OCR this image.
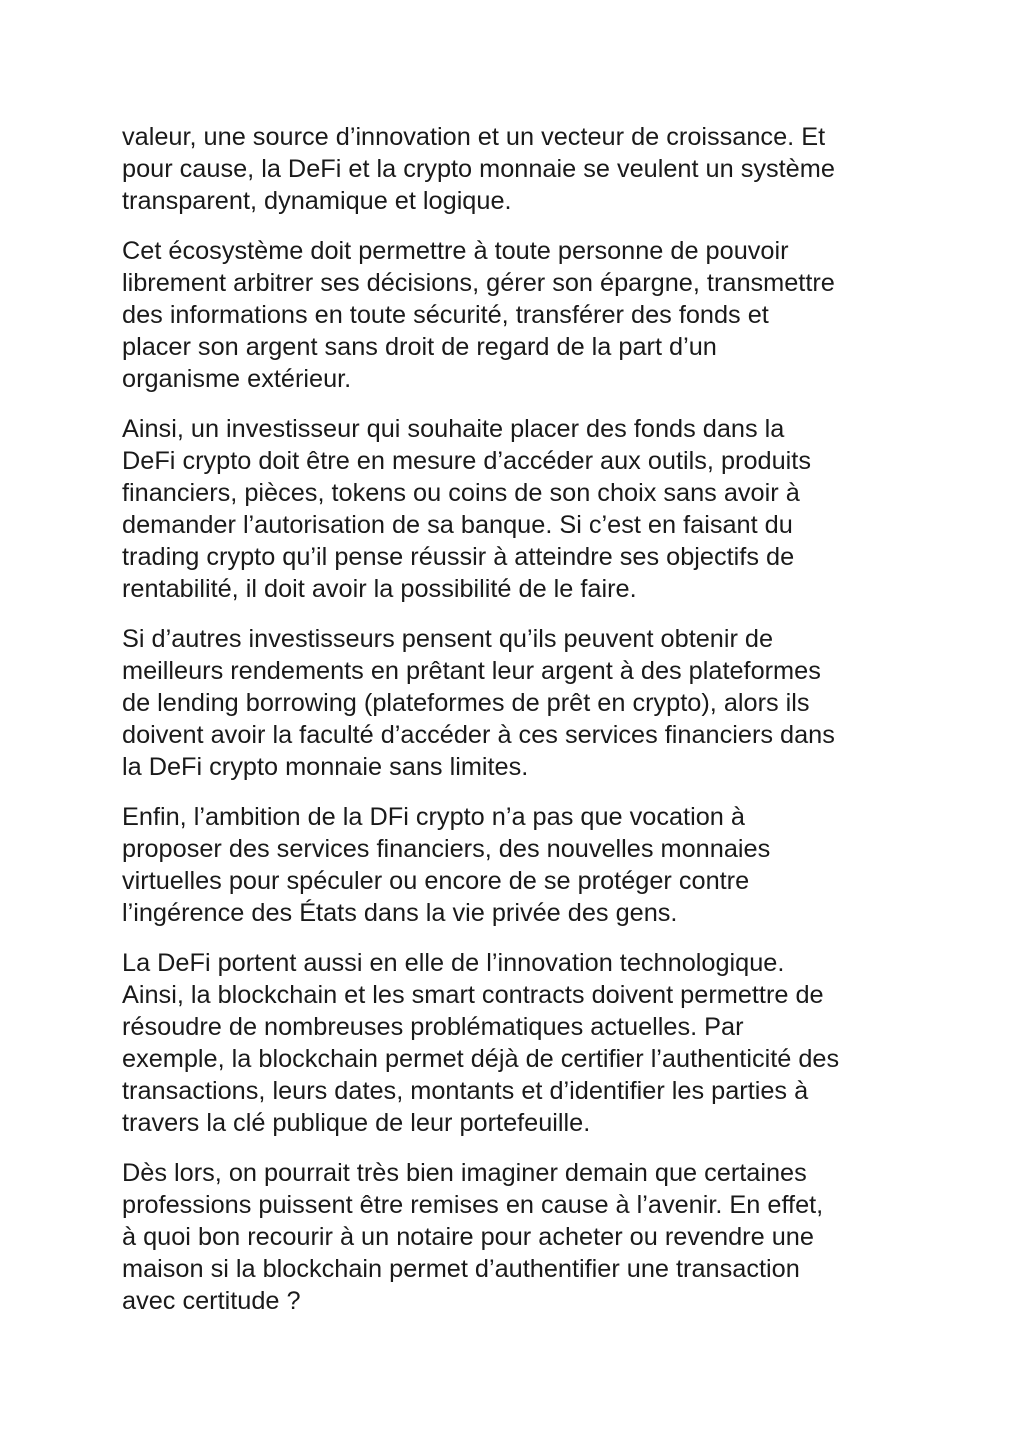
valeur, une source d’innovation et un vecteur de croissance. Et
pour cause, la DeFi et la crypto monnaie se veulent un système
transparent, dynamique et logique.

Cet écosystème doit permettre à toute personne de pouvoir
librement arbitrer ses décisions, gérer son épargne, transmettre
des informations en toute sécurité, transférer des fonds et
placer son argent sans droit de regard de la part d’un
organisme extérieur.

Ainsi, un investisseur qui souhaite placer des fonds dans la
DeFi crypto doit être en mesure d’accéder aux outils, produits
financiers, pièces, tokens ou coins de son choix sans avoir à
demander l’autorisation de sa banque. Si c’est en faisant du
trading crypto qu’il pense réussir à atteindre ses objectifs de
rentabilité, il doit avoir la possibilité de le faire.

Si d’autres investisseurs pensent qu’ils peuvent obtenir de
meilleurs rendements en prêtant leur argent à des plateformes
de lending borrowing (plateformes de prêt en crypto), alors ils
doivent avoir la faculté d’accéder à ces services financiers dans
la DeFi crypto monnaie sans limites.

Enfin, l’ambition de la DFi crypto n’a pas que vocation à
proposer des services financiers, des nouvelles monnaies
virtuelles pour spéculer ou encore de se protéger contre
l’ingérence des États dans la vie privée des gens.

La DeFi portent aussi en elle de l’innovation technologique.
Ainsi, la blockchain et les smart contracts doivent permettre de
résoudre de nombreuses problématiques actuelles. Par
exemple, la blockchain permet déjà de certifier l’authenticité des
transactions, leurs dates, montants et d’identifier les parties à
travers la clé publique de leur portefeuille.

Dès lors, on pourrait très bien imaginer demain que certaines
professions puissent être remises en cause à l’avenir. En effet,
à quoi bon recourir à un notaire pour acheter ou revendre une
maison si la blockchain permet d’authentifier une transaction
avec certitude ?
